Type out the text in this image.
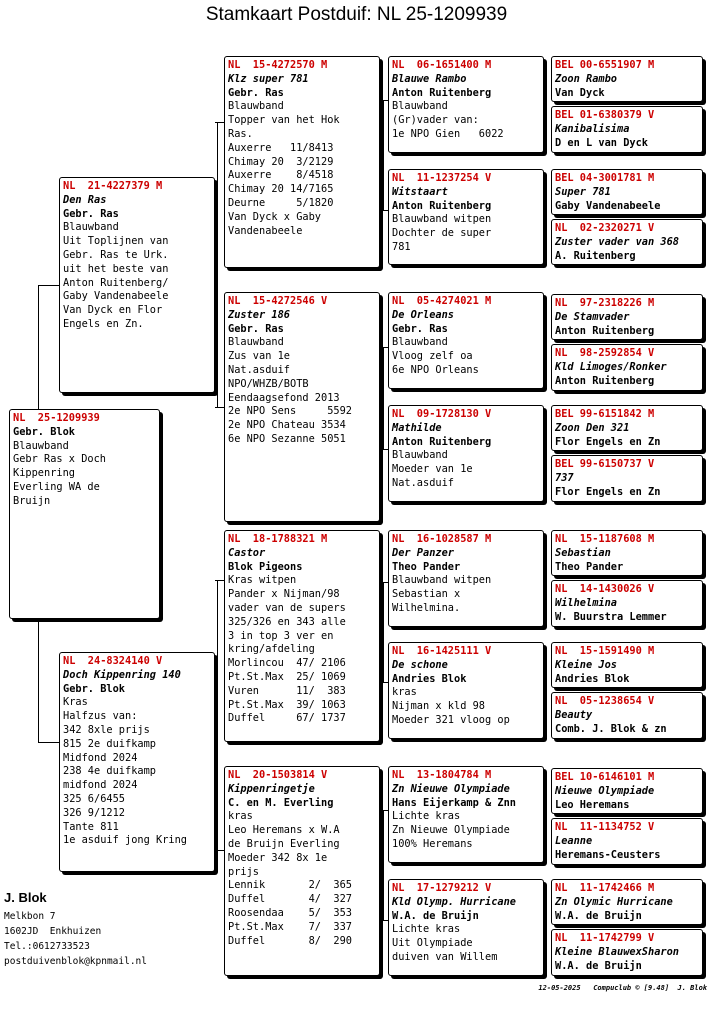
Stamkaart Postduif: NL 25-1209939
NL  25-1209939
Gebr. Blok
Blauwband
Gebr Ras x Doch
Kippenring
Everling WA de
Bruijn
NL  21-4227379 M
Den Ras
Gebr. Ras
Blauwband
Uit Toplijnen van
Gebr. Ras te Urk.
uit het beste van
Anton Ruitenberg/
Gaby Vandenabeele
Van Dyck en Flor
Engels en Zn.
NL  24-8324140 V
Doch Kippenring 140
Gebr. Blok
Kras
Halfzus van:
342 8xle prijs
815 2e duifkamp
Midfond 2024
238 4e duifkamp
midfond 2024
325 6/6455
326 9/1212
Tante 811
1e asduif jong Kring
NL  15-4272570 M
Klz super 781
Gebr. Ras
Blauwband
Topper van het Hok
Ras.
Auxerre   11/8413
Chimay 20  3/2129
Auxerre    8/4518
Chimay 20 14/7165
Deurne     5/1820
Van Dyck x Gaby
Vandenabeele
NL  15-4272546 V
Zuster 186
Gebr. Ras
Blauwband
Zus van 1e
Nat.asduif
NPO/WHZB/BOTB
Eendaagsefond 2013
2e NPO Sens     5592
2e NPO Chateau 3534
6e NPO Sezanne 5051
NL  18-1788321 M
Castor
Blok Pigeons
Kras witpen
Pander x Nijman/98
vader van de supers
325/326 en 343 alle
3 in top 3 ver en
kring/afdeling
Morlincou  47/ 2106
Pt.St.Max  25/ 1069
Vuren      11/  383
Pt.St.Max  39/ 1063
Duffel     67/ 1737
NL  20-1503814 V
Kippenringetje
C. en M. Everling
kras
Leo Heremans x W.A
de Bruijn Everling
Moeder 342 8x 1e
prijs
Lennik       2/  365
Duffel       4/  327
Roosendaa    5/  353
Pt.St.Max    7/  337
Duffel       8/  290
NL  06-1651400 M
Blauwe Rambo
Anton Ruitenberg
Blauwband
(Gr)vader van:
1e NPO Gien   6022
NL  11-1237254 V
Witstaart
Anton Ruitenberg
Blauwband witpen
Dochter de super
781
NL  05-4274021 M
De Orleans
Gebr. Ras
Blauwband
Vloog zelf oa
6e NPO Orleans
NL  09-1728130 V
Mathilde
Anton Ruitenberg
Blauwband
Moeder van 1e
Nat.asduif
NL  16-1028587 M
Der Panzer
Theo Pander
Blauwband witpen
Sebastian x
Wilhelmina.
NL  16-1425111 V
De schone
Andries Blok
kras
Nijman x kld 98
Moeder 321 vloog op
NL  13-1804784 M
Zn Nieuwe Olympiade
Hans Eijerkamp & Znn
Lichte kras
Zn Nieuwe Olympiade
100% Heremans
NL  17-1279212 V
Kld Olymp. Hurricane
W.A. de Bruijn
Lichte kras
Uit Olympiade
duiven van Willem
BEL 00-6551907 M
Zoon Rambo
Van Dyck
BEL 01-6380379 V
Kanibalisima
D en L van Dyck
BEL 04-3001781 M
Super 781
Gaby Vandenabeele
NL  02-2320271 V
Zuster vader van 368
A. Ruitenberg
NL  97-2318226 M
De Stamvader
Anton Ruitenberg
NL  98-2592854 V
Kld Limoges/Ronker
Anton Ruitenberg
BEL 99-6151842 M
Zoon Den 321
Flor Engels en Zn
BEL 99-6150737 V
737
Flor Engels en Zn
NL  15-1187608 M
Sebastian
Theo Pander
NL  14-1430026 V
Wilhelmina
W. Buurstra Lemmer
NL  15-1591490 M
Kleine Jos
Andries Blok
NL  05-1238654 V
Beauty
Comb. J. Blok & zn
BEL 10-6146101 M
Nieuwe Olympiade
Leo Heremans
NL  11-1134752 V
Leanne
Heremans-Ceusters
NL  11-1742466 M
Zn Olymic Hurricane
W.A. de Bruijn
NL  11-1742799 V
Kleine BlauwexSharon
W.A. de Bruijn
J. Blok
Melkbon 7
1602JD  Enkhuizen
Tel.:0612733523
postduivenblok@kpnmail.nl
12-05-2025   Compuclub © [9.48]  J. Blok
